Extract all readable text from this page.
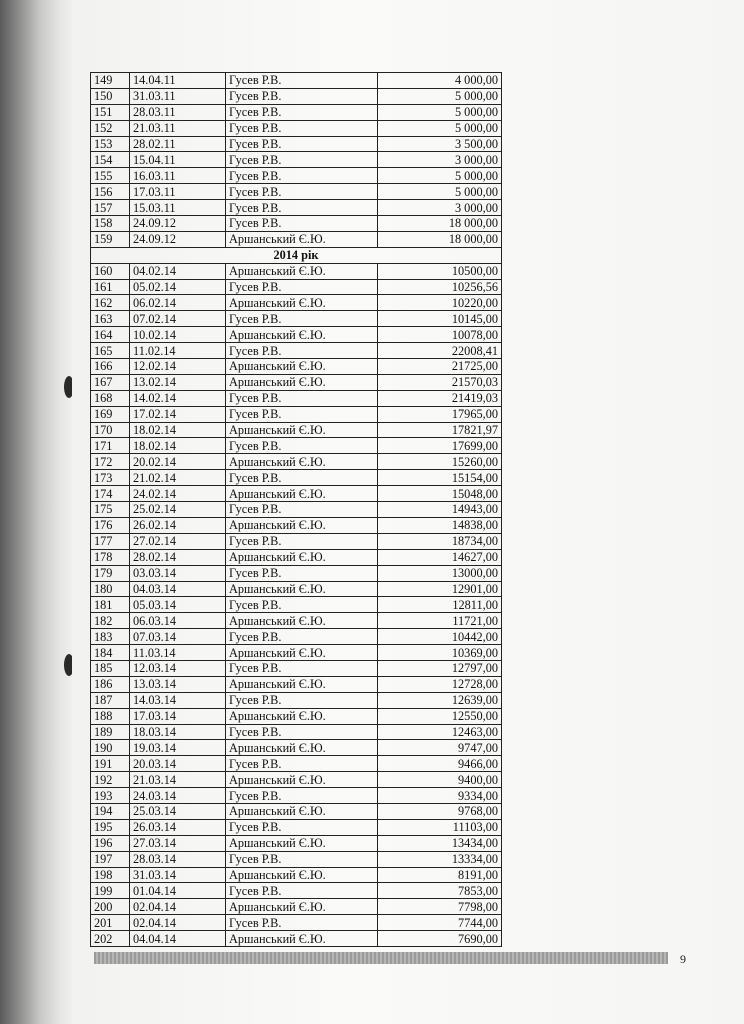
149	14.04.11	Гусев Р.В.	4 000,00
150	31.03.11	Гусев Р.В.	5 000,00
151	28.03.11	Гусев Р.В.	5 000,00
152	21.03.11	Гусев Р.В.	5 000,00
153	28.02.11	Гусев Р.В.	3 500,00
154	15.04.11	Гусев Р.В.	3 000,00
155	16.03.11	Гусев Р.В.	5 000,00
156	17.03.11	Гусев Р.В.	5 000,00
157	15.03.11	Гусев Р.В.	3 000,00
158	24.09.12	Гусев Р.В.	18 000,00
159	24.09.12	Аршанський Є.Ю.	18 000,00
2014 рік			
160	04.02.14	Аршанський Є.Ю.	10500,00
161	05.02.14	Гусев Р.В.	10256,56
162	06.02.14	Аршанський Є.Ю.	10220,00
163	07.02.14	Гусев Р.В.	10145,00
164	10.02.14	Аршанський Є.Ю.	10078,00
165	11.02.14	Гусев Р.В.	22008,41
166	12.02.14	Аршанський Є.Ю.	21725,00
167	13.02.14	Аршанський Є.Ю.	21570,03
168	14.02.14	Гусев Р.В.	21419,03
169	17.02.14	Гусев Р.В.	17965,00
170	18.02.14	Аршанський Є.Ю.	17821,97
171	18.02.14	Гусев Р.В.	17699,00
172	20.02.14	Аршанський Є.Ю.	15260,00
173	21.02.14	Гусев Р.В.	15154,00
174	24.02.14	Аршанський Є.Ю.	15048,00
175	25.02.14	Гусев Р.В.	14943,00
176	26.02.14	Аршанський Є.Ю.	14838,00
177	27.02.14	Гусев Р.В.	18734,00
178	28.02.14	Аршанський Є.Ю.	14627,00
179	03.03.14	Гусев Р.В.	13000,00
180	04.03.14	Аршанський Є.Ю.	12901,00
181	05.03.14	Гусев Р.В.	12811,00
182	06.03.14	Аршанський Є.Ю.	11721,00
183	07.03.14	Гусев Р.В.	10442,00
184	11.03.14	Аршанський Є.Ю.	10369,00
185	12.03.14	Гусев Р.В.	12797,00
186	13.03.14	Аршанський Є.Ю.	12728,00
187	14.03.14	Гусев Р.В.	12639,00
188	17.03.14	Аршанський Є.Ю.	12550,00
189	18.03.14	Гусев Р.В.	12463,00
190	19.03.14	Аршанський Є.Ю.	9747,00
191	20.03.14	Гусев Р.В.	9466,00
192	21.03.14	Аршанський Є.Ю.	9400,00
193	24.03.14	Гусев Р.В.	9334,00
194	25.03.14	Аршанський Є.Ю.	9768,00
195	26.03.14	Гусев Р.В.	11103,00
196	27.03.14	Аршанський Є.Ю.	13434,00
197	28.03.14	Гусев Р.В.	13334,00
198	31.03.14	Аршанський Є.Ю.	8191,00
199	01.04.14	Гусев Р.В.	7853,00
200	02.04.14	Аршанський Є.Ю.	7798,00
201	02.04.14	Гусев Р.В.	7744,00
202	04.04.14	Аршанський Є.Ю.	7690,00
9
